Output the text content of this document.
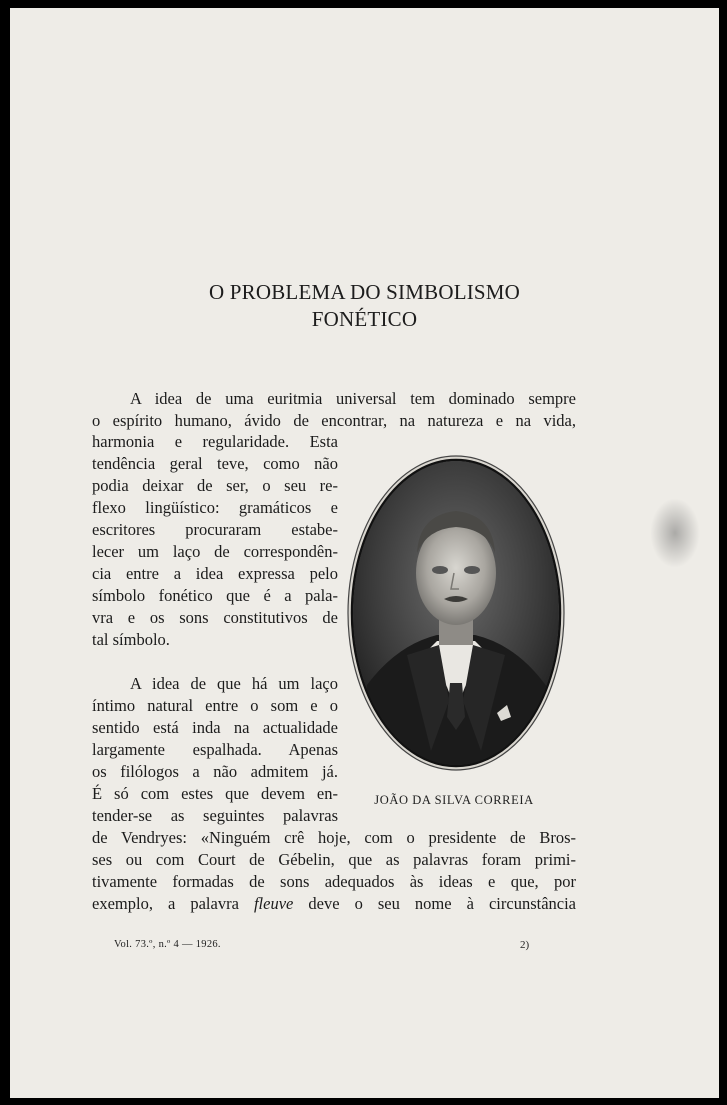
O PROBLEMA DO SIMBOLISMO
FONÉTICO

A idea de uma euritmia universal tem dominado sempre

o espírito humano, ávido de encontrar, na natureza e na vida,

harmonia e regularidade. Esta

tendência geral teve, como não

podia deixar de ser, o seu re-

flexo lingüístico: gramáticos e

escritores procuraram estabe-

lecer um laço de correspondên-

cia entre a idea expressa pelo

símbolo fonético que é a pala-

vra e os sons constitutivos de

tal símbolo.

A idea de que há um laço

íntimo natural entre o som e o

sentido está inda na actualidade

largamente espalhada. Apenas

os filólogos a não admitem já.

É só com estes que devem en-

tender-se as seguintes palavras

de Vendryes: «Ninguém crê hoje, com o presidente de Bros-

ses ou com Court de Gébelin, que as palavras foram primi-

tivamente formadas de sons adequados às ideas e que, por

exemplo, a palavra fleuve deve o seu nome à circunstância

JOÃO DA SILVA CORREIA

Vol. 73.º, n.º 4 — 1926.	2)
